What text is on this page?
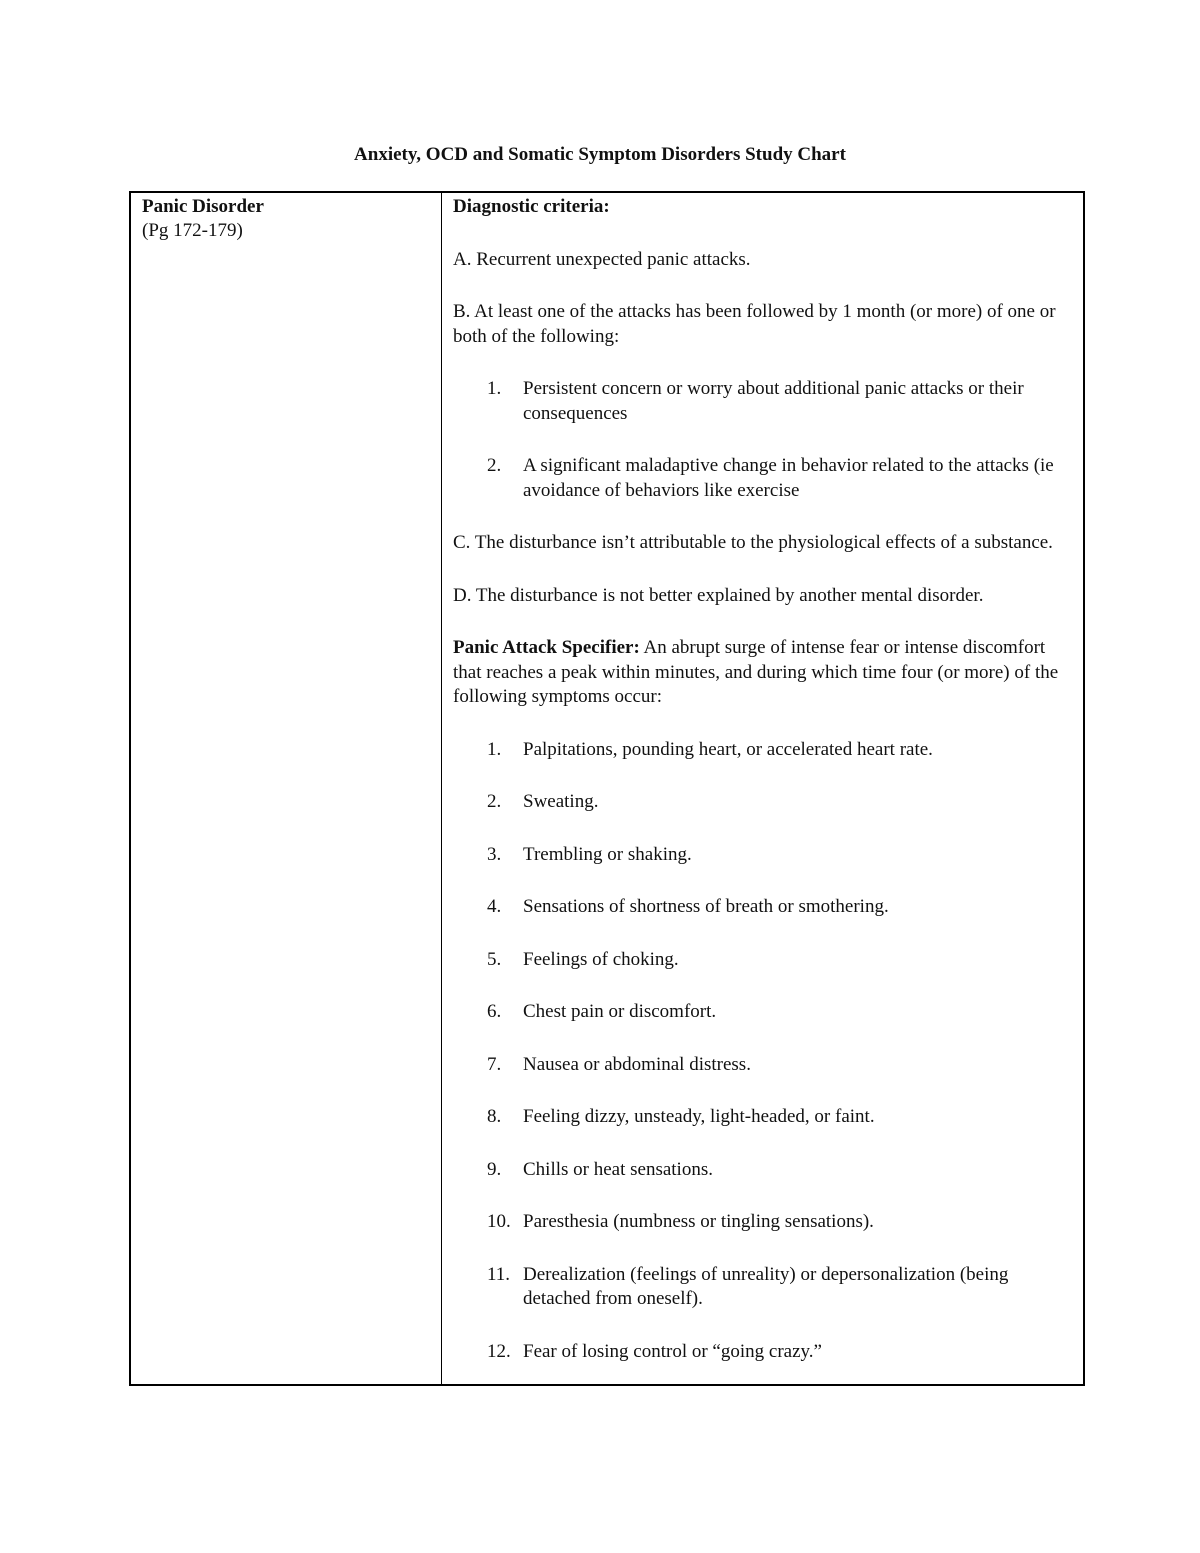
Anxiety, OCD and Somatic Symptom Disorders Study Chart
Panic Disorder
(Pg 172-179)

Diagnostic criteria:

A. Recurrent unexpected panic attacks.

B. At least one of the attacks has been followed by 1 month (or more) of one or both of the following:

1.	Persistent concern or worry about additional panic attacks or their consequences
2.	A significant maladaptive change in behavior related to the attacks (ie avoidance of behaviors like exercise

C. The disturbance isn’t attributable to the physiological effects of a substance.

D. The disturbance is not better explained by another mental disorder.

Panic Attack Specifier: An abrupt surge of intense fear or intense discomfort that reaches a peak within minutes, and during which time four (or more) of the following symptoms occur:

1.	Palpitations, pounding heart, or accelerated heart rate.
2.	Sweating.
3.	Trembling or shaking.
4.	Sensations of shortness of breath or smothering.
5.	Feelings of choking.
6.	Chest pain or discomfort.
7.	Nausea or abdominal distress.
8.	Feeling dizzy, unsteady, light-headed, or faint.
9.	Chills or heat sensations.
10. Paresthesia (numbness or tingling sensations).
11. Derealization (feelings of unreality) or depersonalization (being detached from oneself).
12. Fear of losing control or “going crazy.”
